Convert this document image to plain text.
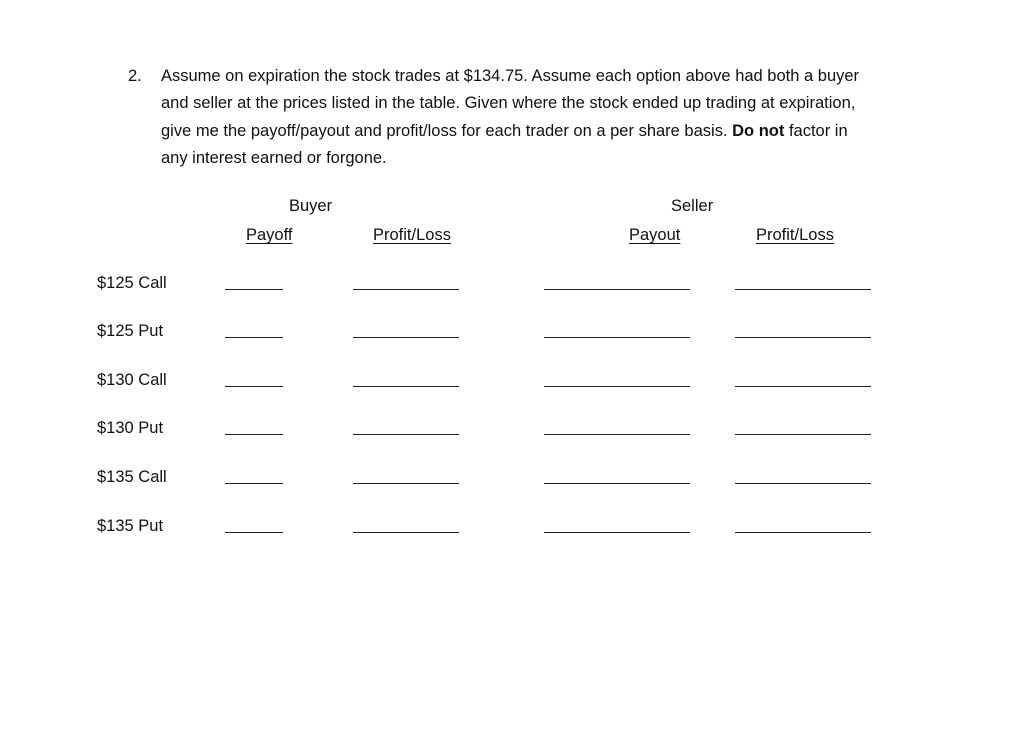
2. Assume on expiration the stock trades at $134.75. Assume each option above had both a buyer

and seller at the prices listed in the table. Given where the stock ended up trading at expiration,

give me the payoff/payout and profit/loss for each trader on a per share basis. Do not factor in

any interest earned or forgone.

Buyer	Seller
Payoff	Profit/Loss	Payout	Profit/Loss
$125 Call
$125 Put
$130 Call
$130 Put
$135 Call
$135 Put
